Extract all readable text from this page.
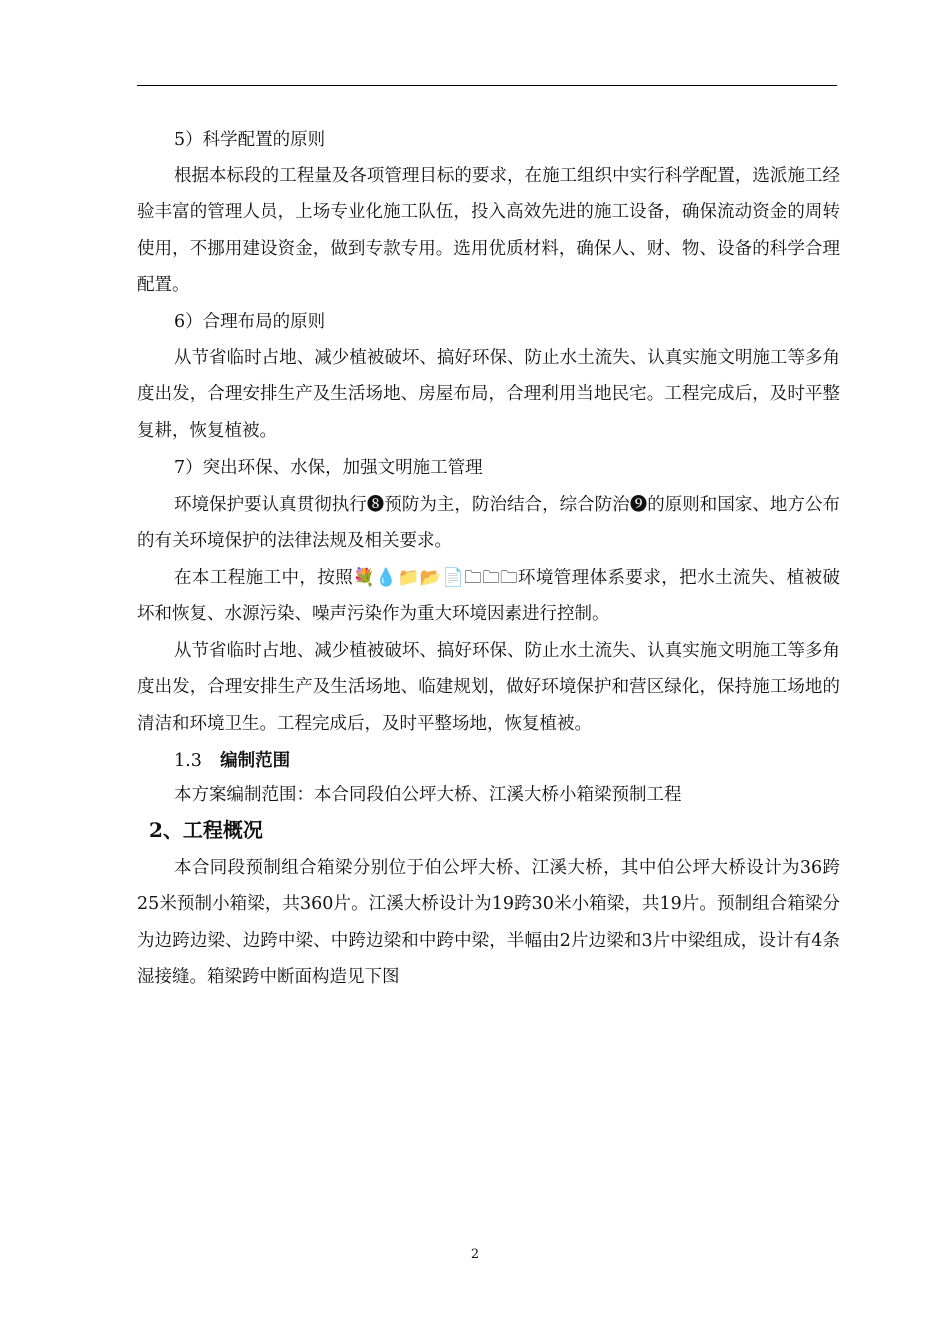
5）科学配置的原则

根据本标段的工程量及各项管理目标的要求，在施工组织中实行科学配置，选派施工经验丰富的管理人员，上场专业化施工队伍，投入高效先进的施工设备，确保流动资金的周转使用，不挪用建设资金，做到专款专用。选用优质材料，确保人、财、物、设备的科学合理配置。

6）合理布局的原则

从节省临时占地、减少植被破坏、搞好环保、防止水土流失、认真实施文明施工等多角度出发，合理安排生产及生活场地、房屋布局，合理利用当地民宅。工程完成后，及时平整复耕，恢复植被。

7）突出环保、水保，加强文明施工管理

环境保护要认真贯彻执行❽预防为主，防治结合，综合防治❾的原则和国家、地方公布的有关环境保护的法律法规及相关要求。

在本工程施工中，按照💐💧📁📂📄🗀🗀🗀环境管理体系要求，把水土流失、植被破坏和恢复、水源污染、噪声污染作为重大环境因素进行控制。

从节省临时占地、减少植被破坏、搞好环保、防止水土流失、认真实施文明施工等多角度出发，合理安排生产及生活场地、临建规划，做好环境保护和营区绿化，保持施工场地的清洁和环境卫生。工程完成后，及时平整场地，恢复植被。

1.3 编制范围

本方案编制范围：本合同段伯公坪大桥、江溪大桥小箱梁预制工程

2、工程概况

本合同段预制组合箱梁分别位于伯公坪大桥、江溪大桥，其中伯公坪大桥设计为36跨25米预制小箱梁，共360片。江溪大桥设计为19跨30米小箱梁，共19片。预制组合箱梁分为边跨边梁、边跨中梁、中跨边梁和中跨中梁，半幅由2片边梁和3片中梁组成，设计有4条湿接缝。箱梁跨中断面构造见下图

2
